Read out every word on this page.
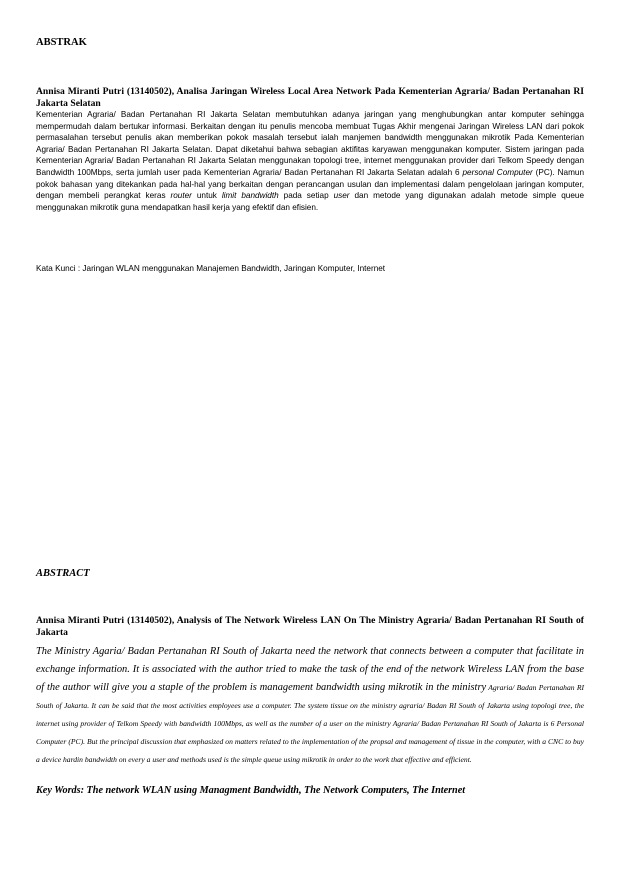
ABSTRAK
Annisa Miranti Putri (13140502), Analisa Jaringan Wireless Local Area Network Pada Kementerian Agraria/ Badan Pertanahan RI Jakarta Selatan
Kementerian Agraria/ Badan Pertanahan RI Jakarta Selatan membutuhkan adanya jaringan yang menghubungkan antar komputer sehingga mempermudah dalam bertukar informasi. Berkaitan dengan itu penulis mencoba membuat Tugas Akhir mengenai Jaringan Wireless LAN dari pokok permasalahan tersebut penulis akan memberikan pokok masalah tersebut ialah manjemen bandwidth menggunakan mikrotik Pada Kementerian Agraria/ Badan Pertanahan RI Jakarta Selatan. Dapat diketahui bahwa sebagian aktifitas karyawan menggunakan komputer. Sistem jaringan pada Kementerian Agraria/ Badan Pertanahan RI Jakarta Selatan menggunakan topologi tree, internet menggunakan provider dari Telkom Speedy dengan Bandwidth 100Mbps, serta jumlah user pada Kementerian Agraria/ Badan Pertanahan RI Jakarta Selatan adalah 6 personal Computer (PC). Namun pokok bahasan yang ditekankan pada hal-hal yang berkaitan dengan perancangan usulan dan implementasi dalam pengelolaan jaringan komputer, dengan membeli perangkat keras router untuk limit bandwidth pada setiap user dan metode yang digunakan adalah metode simple queue menggunakan mikrotik guna mendapatkan hasil kerja yang efektif dan efisien.
Kata Kunci : Jaringan WLAN menggunakan Manajemen Bandwidth, Jaringan Komputer, Internet
ABSTRACT
Annisa Miranti Putri (13140502), Analysis of The Network Wireless LAN On The Ministry Agraria/ Badan Pertanahan RI South of Jakarta
The Ministry Agaria/ Badan Pertanahan RI South of Jakarta need the network that connects between a computer that facilitate in exchange information. It is associated with the author tried to make the task of the end of the network Wireless LAN from the base of the author will give you a staple of the problem is management bandwidth using mikrotik in the ministry Agraria/ Badan Pertanahan RI South of Jakarta. It can be said that the most activities employees use a computer. The system tissue on the ministry agraria/ Badan RI South of Jakarta using topologi tree, the internet using provider of Telkom Speedy with bandwidth 100Mbps, as well as the number of a user on the ministry Agraria/ Badan Pertanahan RI South of Jakarta is 6 Personal Computer (PC). But the principal discussion that emphasized on matters related to the implementation of the propsal and management of tissue in the computer, with a CNC to buy a device hardin bandwidth on every a user and methods used is the simple queue using mikrotik in order to the work that effective and efficient.
Key Words: The network WLAN using Managment Bandwidth, The Network Computers, The Internet
